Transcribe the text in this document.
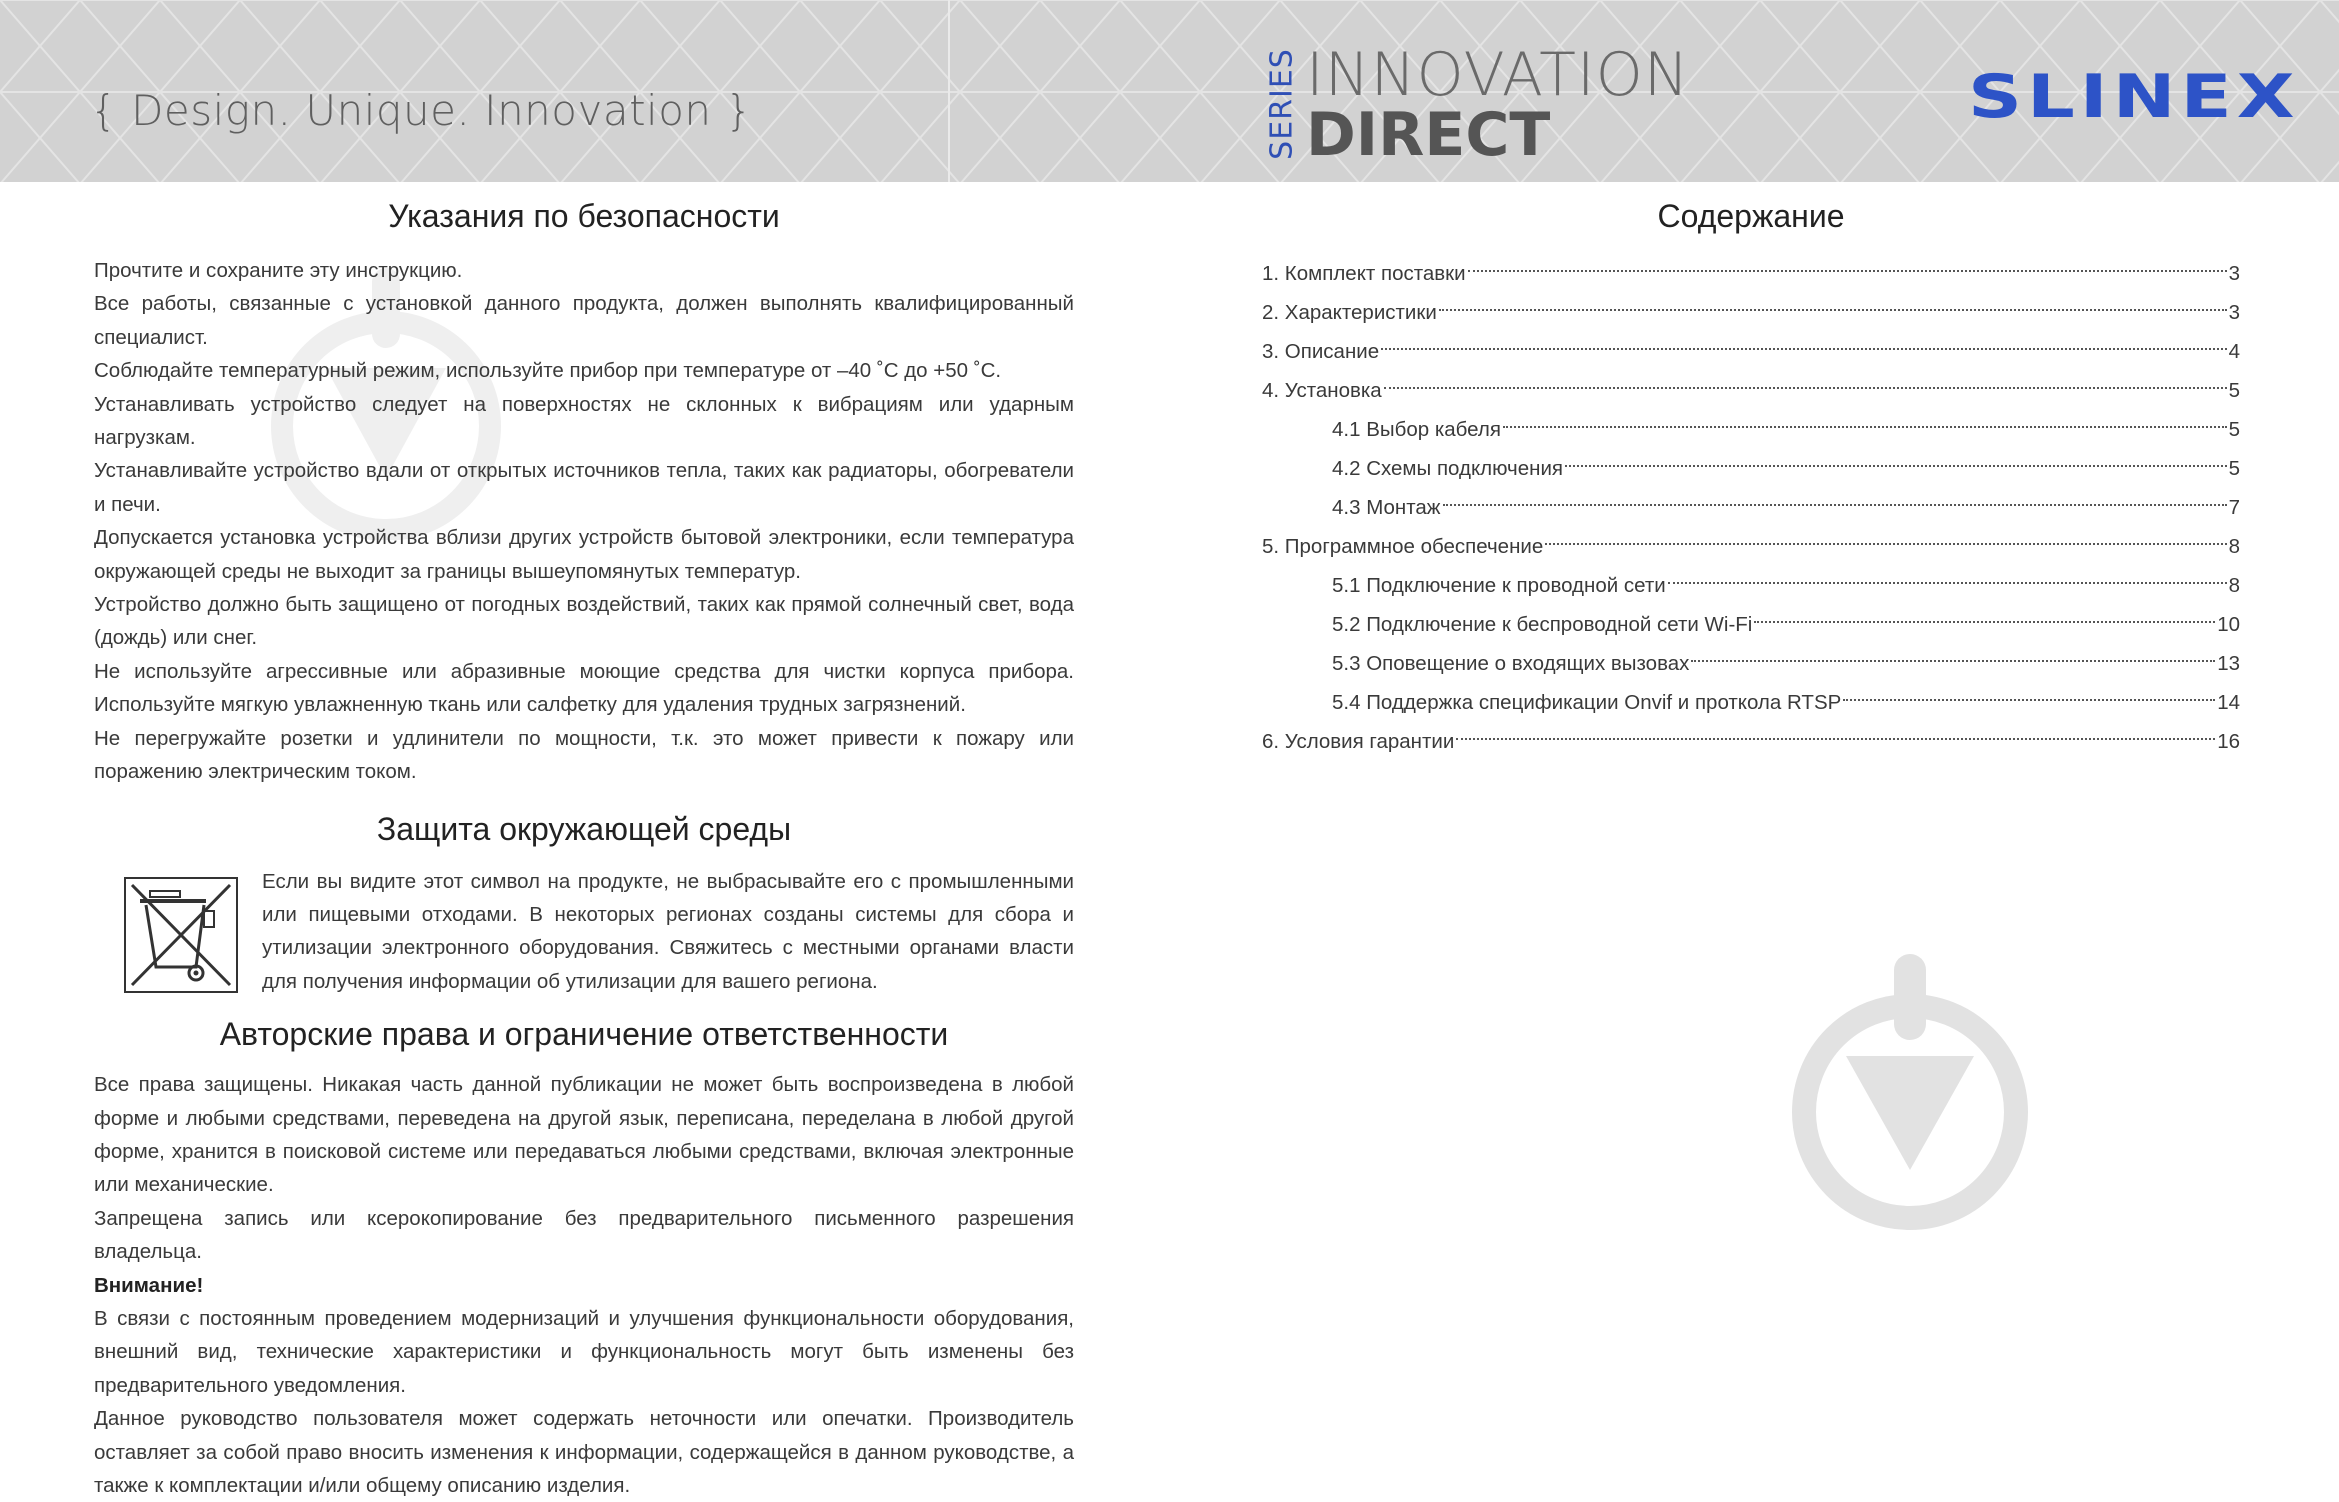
{ Design. Unique. Innovation }	SERIES INNOVATION
DIRECT
SLINEX
Указания по безопасности

Прочтите и сохраните эту инструкцию.

Все работы, связанные с установкой данного продукта, должен выполнять квалифицированный специалист.

Соблюдайте температурный режим, используйте прибор при температуре от –40 ˚С до +50 ˚С.

Устанавливать устройство следует на поверхностях не склонных к вибрациям или ударным нагрузкам.

Устанавливайте устройство вдали от открытых источников тепла, таких как радиаторы, обогреватели и печи.

Допускается установка устройства вблизи других устройств бытовой электроники, если температура окружающей среды не выходит за границы вышеупомянутых температур.

Устройство должно быть защищено от погодных воздействий, таких как прямой солнечный свет, вода (дождь) или снег.

Не используйте агрессивные или абразивные моющие средства для чистки корпуса прибора. Используйте мягкую увлажненную ткань или салфетку для удаления трудных загрязнений.

Не перегружайте розетки и удлинители по мощности, т.к. это может привести к пожару или поражению электрическим током.

Защита окружающей среды

Если вы видите этот символ на продукте, не выбрасывайте его с промышленными или пищевыми отходами. В некоторых регионах созданы системы для сбора и утилизации электронного оборудования. Свяжитесь с местными органами власти для получения информации об утилизации для вашего региона.

Авторские права и ограничение ответственности

Все права защищены. Никакая часть данной публикации не может быть воспроизведена в любой форме и любыми средствами, переведена на другой язык, переписана, переделана в любой другой форме, хранится в поисковой системе или передаваться любыми средствами, включая электронные или механические.

Запрещена запись или ксерокопирование без предварительного письменного разрешения владельца.

Внимание!

В связи с постоянным проведением модернизаций и улучшения функциональности оборудования, внешний вид, технические характеристики и функциональность могут быть изменены без предварительного уведомления.

Данное руководство пользователя может содержать неточности или опечатки. Производитель оставляет за собой право вносить изменения к информации, содержащейся в данном руководстве, а также к комплектации и/или общему описанию изделия.

Содержание
1. Комплект поставки	3
2. Характеристики	3
3. Описание	4
4. Установка	5
4.1 Выбор кабеля	5
4.2 Схемы подключения	5
4.3 Монтаж	7
5. Программное обеспечение	8
5.1 Подключение к проводной сети	8
5.2 Подключение к беспроводной сети Wi-Fi	10
5.3 Оповещение о входящих вызовах	13
5.4 Поддержка спецификации Onvif и проткола RTSP	14
6. Условия гарантии	16
